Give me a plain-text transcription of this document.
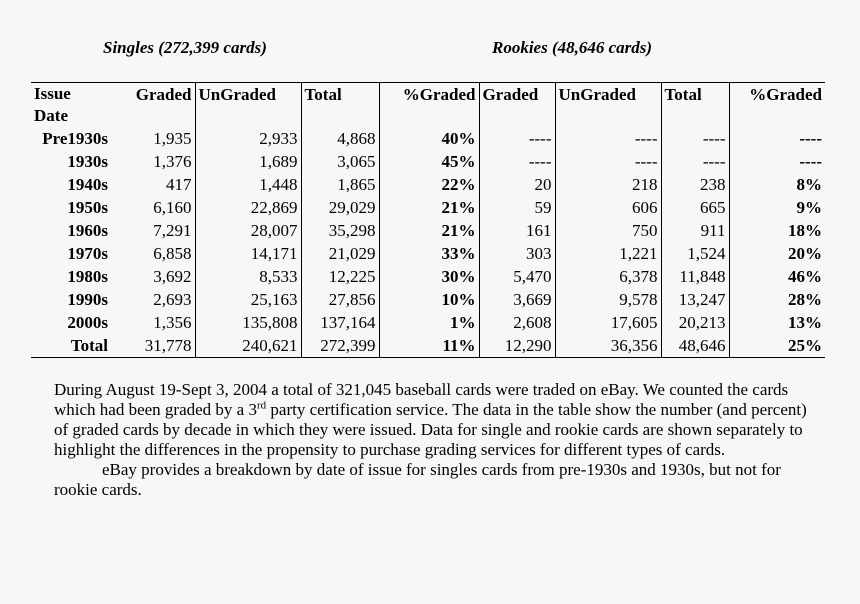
Singles (272,399 cards)	Rookies (48,646 cards)
Issue
Date	Graded	UnGraded	Total	%Graded	Graded	UnGraded	Total	%Graded
Pre1930s	1,935	2,933	4,868	40%	----	----	----	----
1930s	1,376	1,689	3,065	45%	----	----	----	----
1940s	417	1,448	1,865	22%	20	218	238	8%
1950s	6,160	22,869	29,029	21%	59	606	665	9%
1960s	7,291	28,007	35,298	21%	161	750	911	18%
1970s	6,858	14,171	21,029	33%	303	1,221	1,524	20%
1980s	3,692	8,533	12,225	30%	5,470	6,378	11,848	46%
1990s	2,693	25,163	27,856	10%	3,669	9,578	13,247	28%
2000s	1,356	135,808	137,164	1%	2,608	17,605	20,213	13%
Total	31,778	240,621	272,399	11%	12,290	36,356	48,646	25%

During August 19-Sept 3, 2004 a total of 321,045 baseball cards were traded on eBay. We counted the cards which had been graded by a 3rd party certification service. The data in the table show the number (and percent) of graded cards by decade in which they were issued. Data for single and rookie cards are shown separately to highlight the differences in the propensity to purchase grading services for different types of cards.

eBay provides a breakdown by date of issue for singles cards from pre-1930s and 1930s, but not for rookie cards.
